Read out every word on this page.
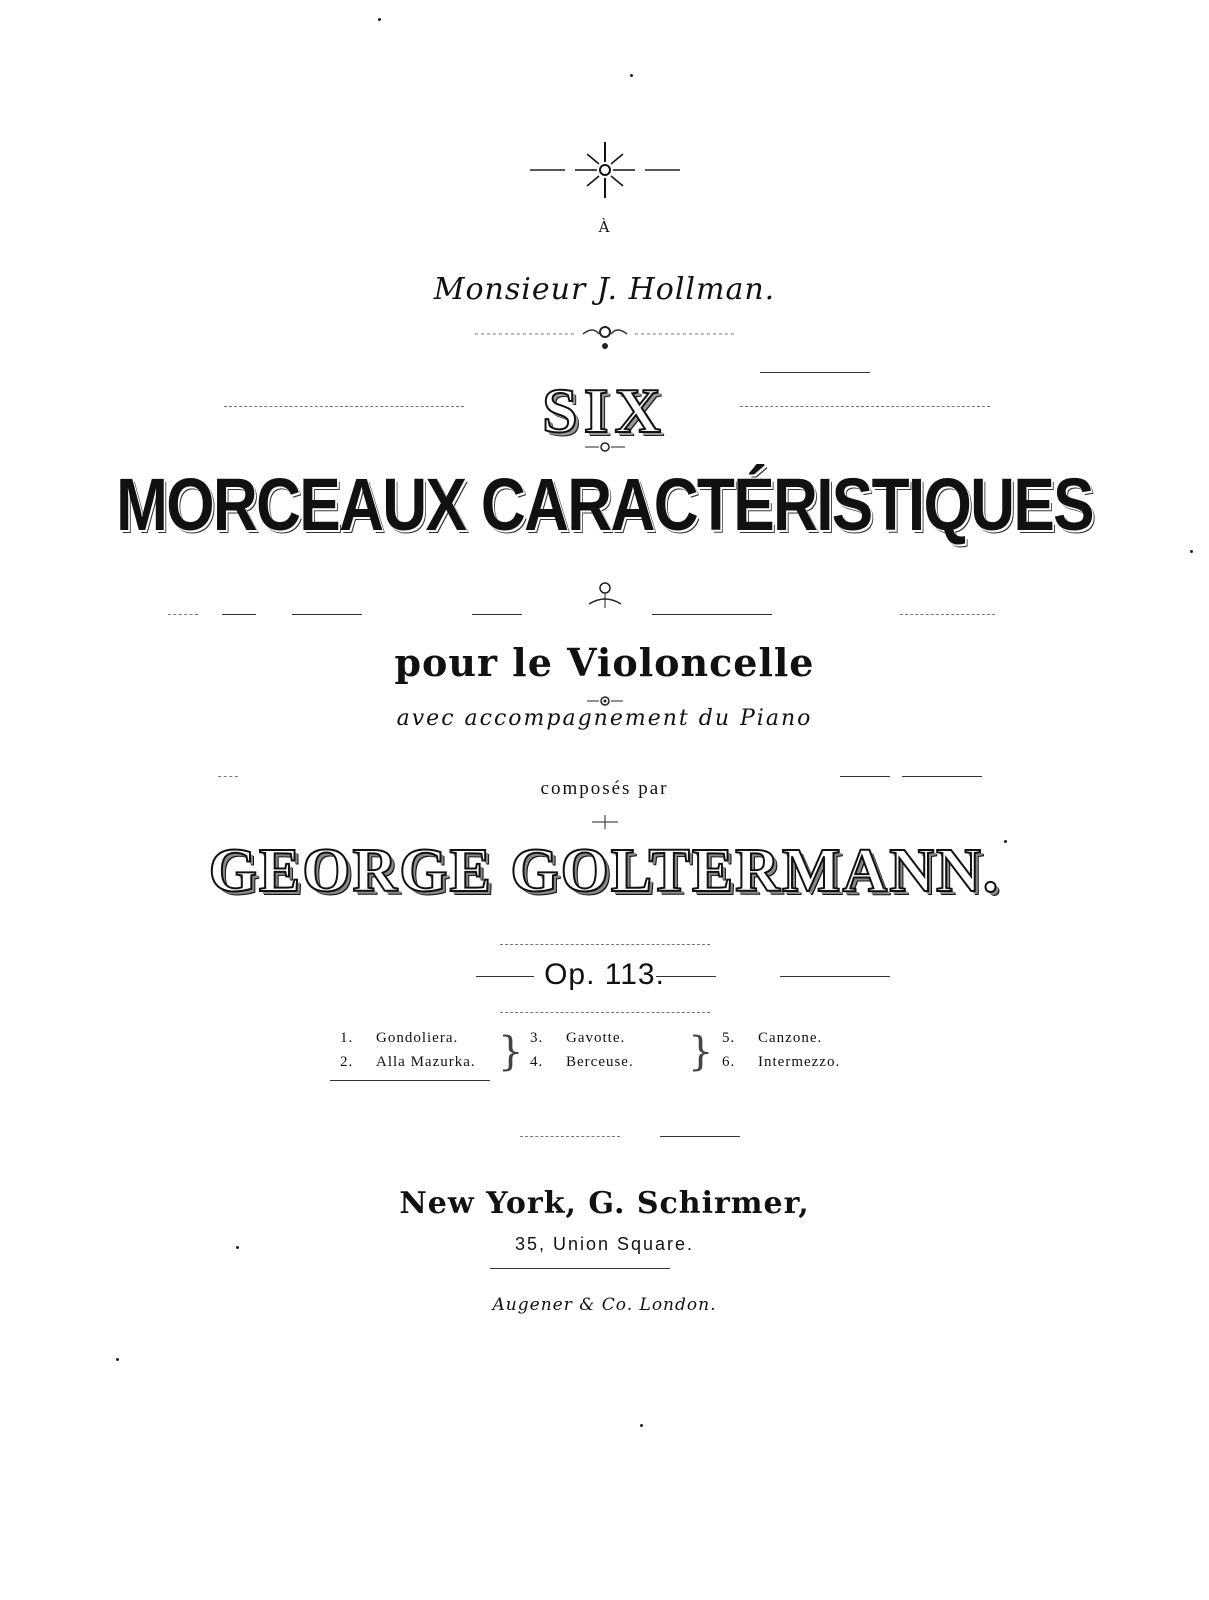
À
Monsieur J. Hollman.
SIX
MORCEAUX CARACTÉRISTIQUES
pour le Violoncelle
avec accompagnement du Piano
composés par
GEORGE GOLTERMANN.
Op. 113.
1. Gondoliera.
2. Alla Mazurka. } 3. Gavotte.
4. Berceuse. } 5. Canzone.
6. Intermezzo.
New York, G. Schirmer,
35, Union Square.
Augener & Co. London.
